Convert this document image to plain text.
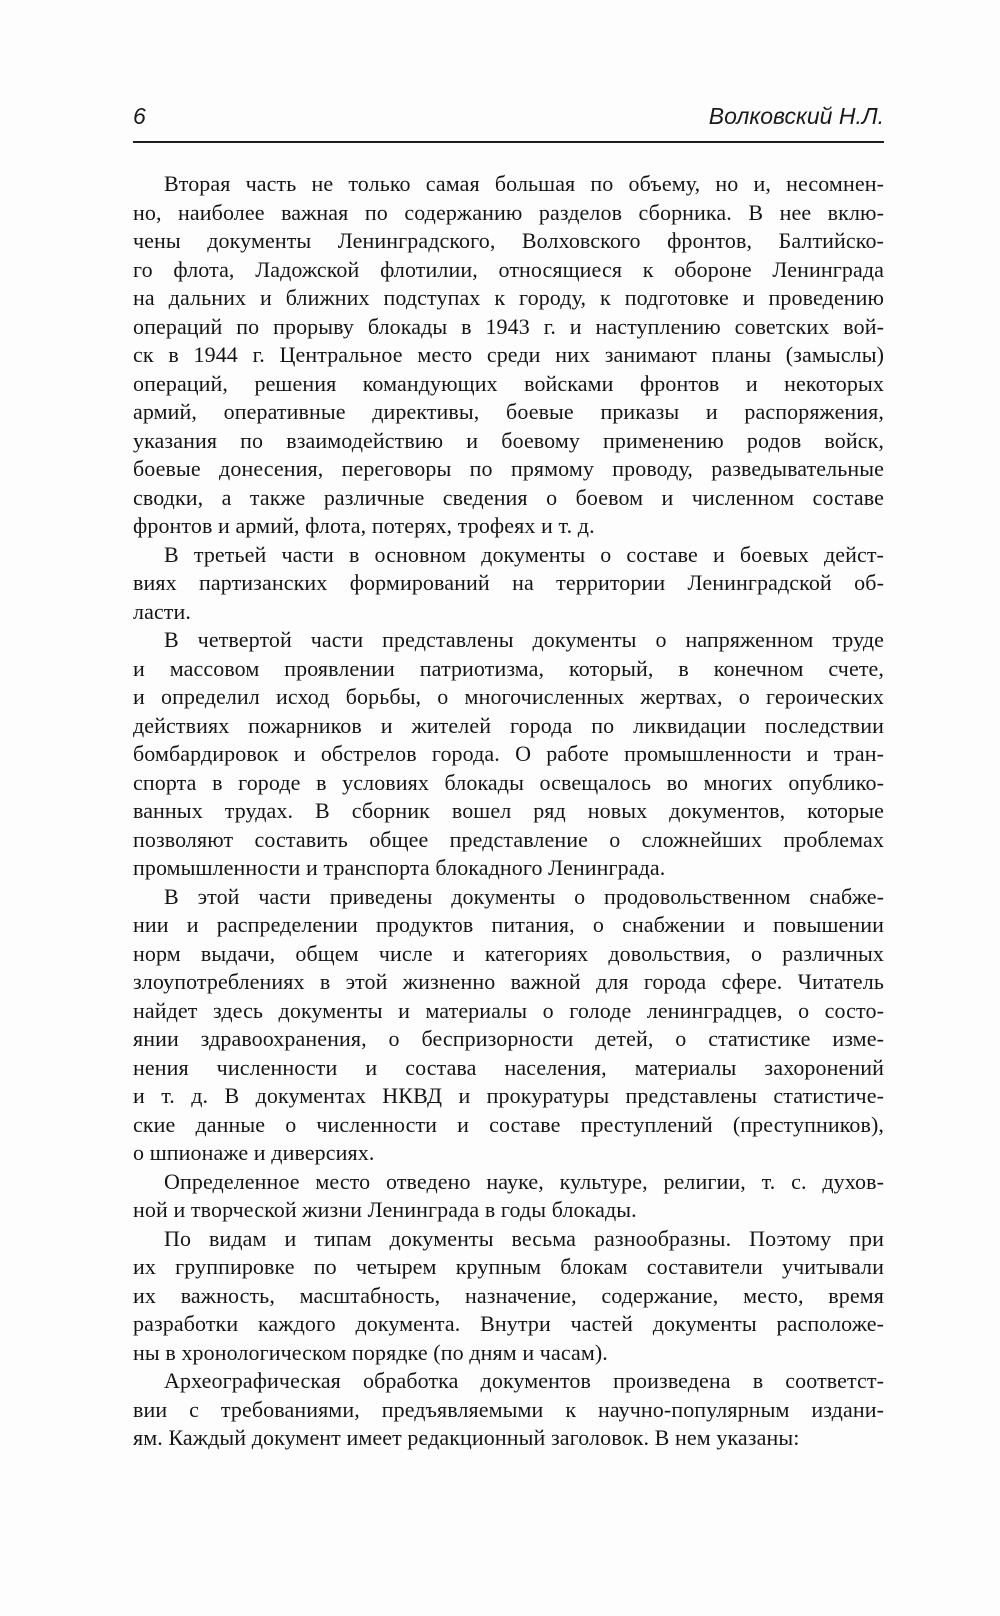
6	Волковский Н.Л.

Вторая часть не только самая большая по объему, но и, несомнен-
но, наиболее важная по содержанию разделов сборника. В нее вклю-
чены документы Ленинградского, Волховского фронтов, Балтийско-
го флота, Ладожской флотилии, относящиеся к обороне Ленинграда
на дальних и ближних подступах к городу, к подготовке и проведению
операций по прорыву блокады в 1943 г. и наступлению советских вой-
ск в 1944 г. Центральное место среди них занимают планы (замыслы)
операций, решения командующих войсками фронтов и некоторых
армий, оперативные директивы, боевые приказы и распоряжения,
указания по взаимодействию и боевому применению родов войск,
боевые донесения, переговоры по прямому проводу, разведывательные
сводки, а также различные сведения о боевом и численном составе
фронтов и армий, флота, потерях, трофеях и т. д.

В третьей части в основном документы о составе и боевых дейст-
виях партизанских формирований на территории Ленинградской об-
ласти.

В четвертой части представлены документы о напряженном труде
и массовом проявлении патриотизма, который, в конечном счете,
и определил исход борьбы, о многочисленных жертвах, о героических
действиях пожарников и жителей города по ликвидации последствии
бомбардировок и обстрелов города. О работе промышленности и тран-
спорта в городе в условиях блокады освещалось во многих опублико-
ванных трудах. В сборник вошел ряд новых документов, которые
позволяют составить общее представление о сложнейших проблемах
промышленности и транспорта блокадного Ленинграда.

В этой части приведены документы о продовольственном снабже-
нии и распределении продуктов питания, о снабжении и повышении
норм выдачи, общем числе и категориях довольствия, о различных
злоупотреблениях в этой жизненно важной для города сфере. Читатель
найдет здесь документы и материалы о голоде ленинградцев, о состо-
янии здравоохранения, о беспризорности детей, о статистике изме-
нения численности и состава населения, материалы захоронений
и т. д. В документах НКВД и прокуратуры представлены статистиче-
ские данные о численности и составе преступлений (преступников),
о шпионаже и диверсиях.

Определенное место отведено науке, культуре, религии, т. с. духов-
ной и творческой жизни Ленинграда в годы блокады.

По видам и типам документы весьма разнообразны. Поэтому при
их группировке по четырем крупным блокам составители учитывали
их важность, масштабность, назначение, содержание, место, время
разработки каждого документа. Внутри частей документы расположе-
ны в хронологическом порядке (по дням и часам).

Археографическая обработка документов произведена в соответст-
вии с требованиями, предъявляемыми к научно-популярным издани-
ям. Каждый документ имеет редакционный заголовок. В нем указаны:
